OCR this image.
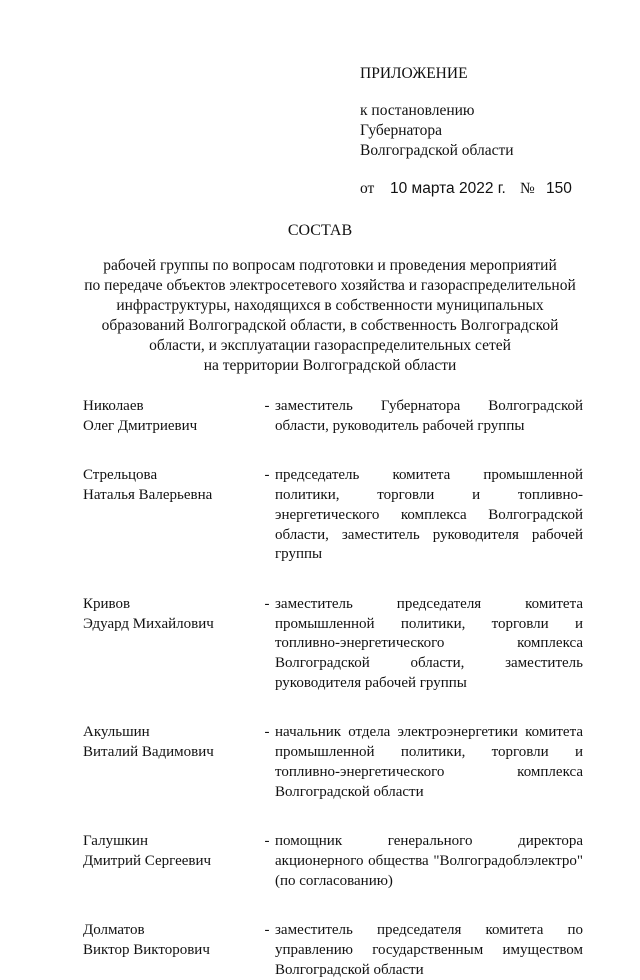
ПРИЛОЖЕНИЕ
к постановлению
Губернатора
Волгоградской области
от 10 марта 2022 г. № 150
СОСТАВ
рабочей группы по вопросам подготовки и проведения мероприятий
по передаче объектов электросетевого хозяйства и газораспределительной
инфраструктуры, находящихся в собственности муниципальных
образований Волгоградской области, в собственность Волгоградской
области, и эксплуатации газораспределительных сетей
на территории Волгоградской области
Николаев
Олег Дмитриевич
- заместитель Губернатора Волгоградской области, руководитель рабочей группы
Стрельцова
Наталья Валерьевна
- председатель комитета промышленной политики, торговли и топливно-энергетического комплекса Волгоградской области, заместитель руководителя рабочей группы
Кривов
Эдуард Михайлович
- заместитель председателя комитета промышленной политики, торговли и топливно-энергетического комплекса Волгоградской области, заместитель руководителя рабочей группы
Акульшин
Виталий Вадимович
- начальник отдела электроэнергетики комитета промышленной политики, торговли и топливно-энергетического комплекса Волгоградской области
Галушкин
Дмитрий Сергеевич
- помощник генерального директора акционерного общества "Волгоградоблэлектро" (по согласованию)
Долматов
Виктор Викторович
- заместитель председателя комитета по управлению государственным имуществом Волгоградской области
